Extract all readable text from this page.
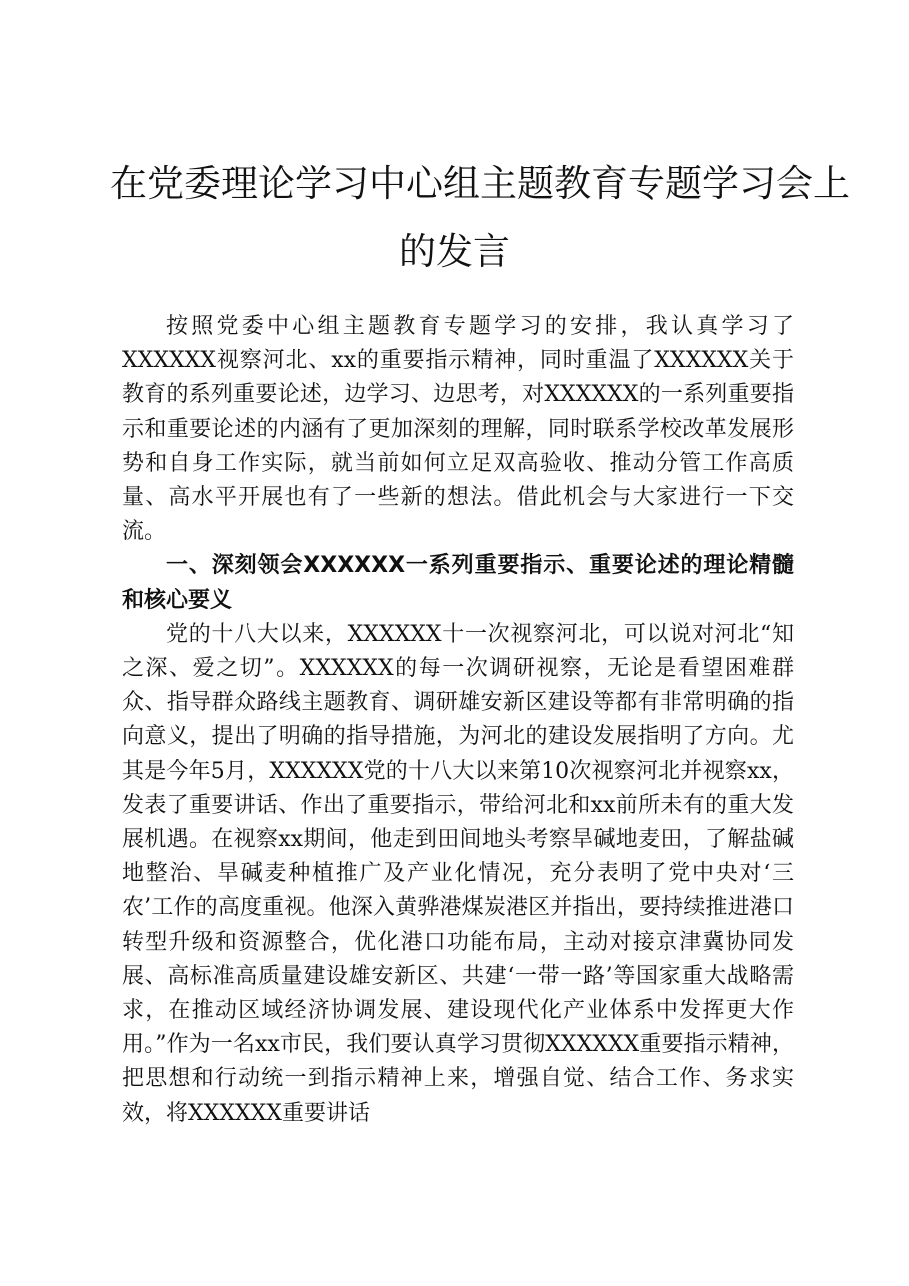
在党委理论学习中心组主题教育专题学习会上
的发言

按照党委中心组主题教育专题学习的安排，我认真学习了XXXXXX视察河北、xx的重要指示精神，同时重温了XXXXXX关于教育的系列重要论述，边学习、边思考，对XXXXXX的一系列重要指示和重要论述的内涵有了更加深刻的理解，同时联系学校改革发展形势和自身工作实际，就当前如何立足双高验收、推动分管工作高质量、高水平开展也有了一些新的想法。借此机会与大家进行一下交流。

一、深刻领会XXXXXX一系列重要指示、重要论述的理论精髓和核心要义

党的十八大以来，XXXXXX十一次视察河北，可以说对河北“知之深、爱之切”。XXXXXX的每一次调研视察，无论是看望困难群众、指导群众路线主题教育、调研雄安新区建设等都有非常明确的指向意义，提出了明确的指导措施，为河北的建设发展指明了方向。尤其是今年5月，XXXXXX党的十八大以来第10次视察河北并视察xx，发表了重要讲话、作出了重要指示，带给河北和xx前所未有的重大发展机遇。在视察xx期间，他走到田间地头考察旱碱地麦田，了解盐碱地整治、旱碱麦种植推广及产业化情况，充分表明了党中央对‘三农’工作的高度重视。他深入黄骅港煤炭港区并指出，要持续推进港口转型升级和资源整合，优化港口功能布局，主动对接京津冀协同发展、高标准高质量建设雄安新区、共建‘一带一路’等国家重大战略需求，在推动区域经济协调发展、建设现代化产业体系中发挥更大作用。”作为一名xx市民，我们要认真学习贯彻XXXXXX重要指示精神，把思想和行动统一到指示精神上来，增强自觉、结合工作、务求实效，将XXXXXX重要讲话
